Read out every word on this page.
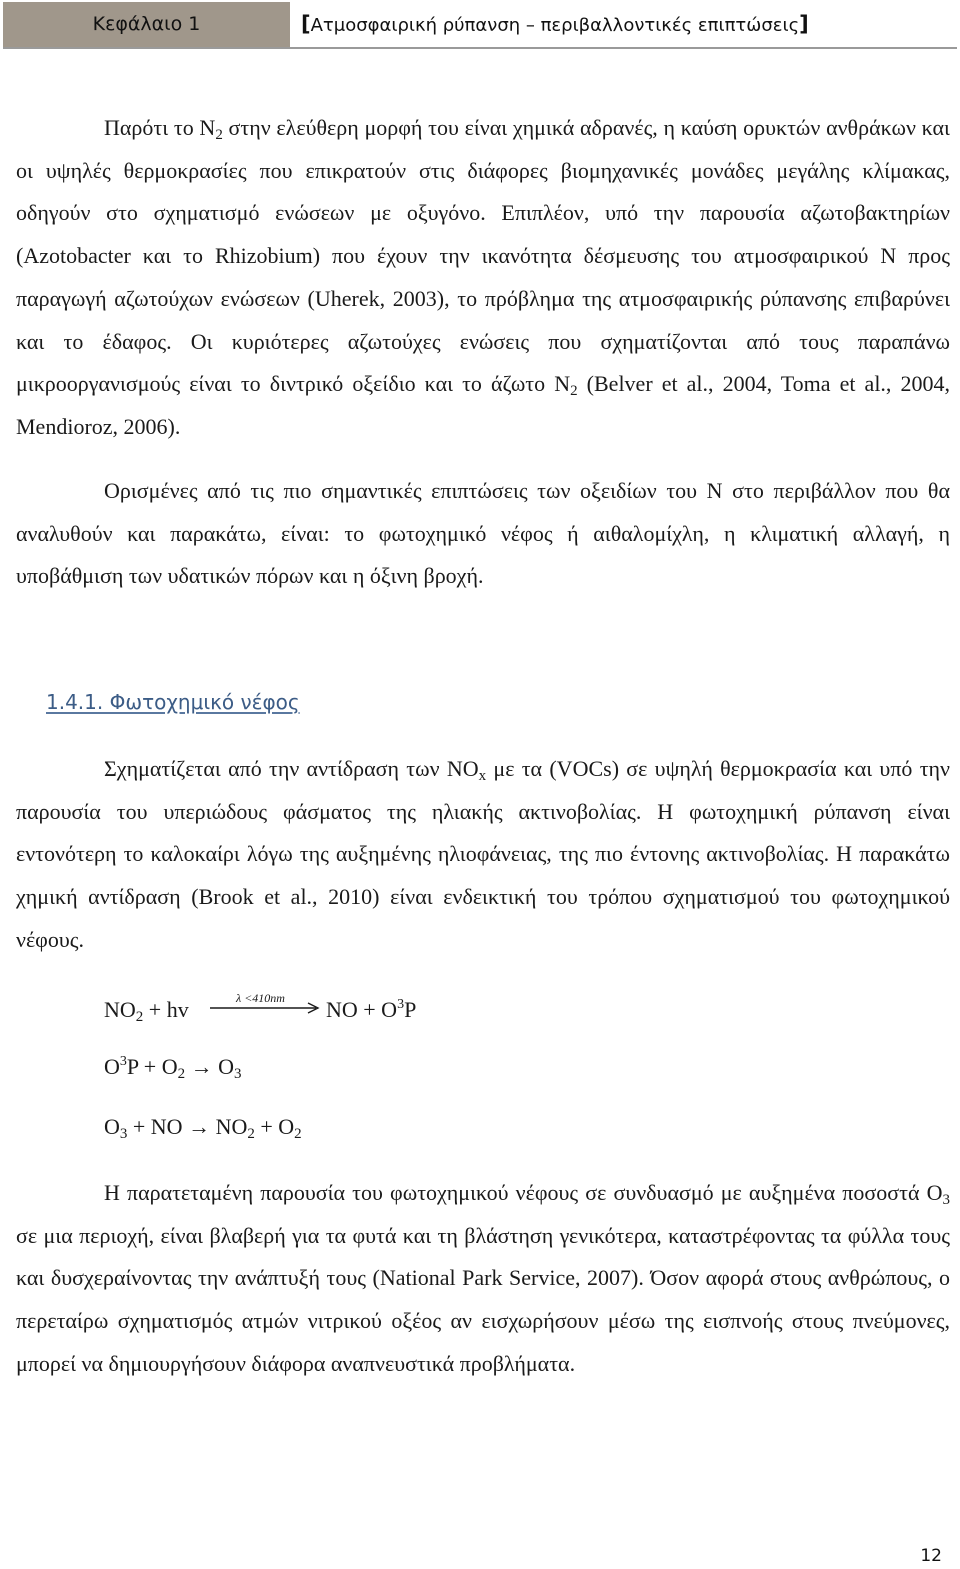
Κεφάλαιο 1	[Ατμοσφαιρική ρύπανση – περιβαλλοντικές επιπτώσεις]
Παρότι το $N_2$ στην ελεύθερη μορφή του είναι χημικά αδρανές, η καύση ορυκτών ανθράκων και οι υψηλές θερμοκρασίες που επικρατούν στις διάφορες βιομηχανικές μονάδες μεγάλης κλίμακας, οδηγούν στο σχηματισμό ενώσεων με οξυγόνο. Επιπλέον, υπό την παρουσία αζωτοβακτηρίων (Azotobacter και το Rhizobium) που έχουν την ικανότητα δέσμευσης του ατμοσφαιρικού N προς παραγωγή αζωτούχων ενώσεων (Uherek, 2003), το πρόβλημα της ατμοσφαιρικής ρύπανσης επιβαρύνει και το έδαφος. Οι κυριότερες αζωτούχες ενώσεις που σχηματίζονται από τους παραπάνω μικροοργανισμούς είναι το διντρικό οξείδιο και το άζωτο $N_2$ (Belver et al., 2004, Toma et al., 2004, Mendioroz, 2006).
Ορισμένες από τις πιο σημαντικές επιπτώσεις των οξειδίων του N στο περιβάλλον που θα αναλυθούν και παρακάτω, είναι: το φωτοχημικό νέφος ή αιθαλομίχλη, η κλιματική αλλαγή, η υποβάθμιση των υδατικών πόρων και η όξινη βροχή.
1.4.1. Φωτοχημικό νέφος
Σχηματίζεται από την αντίδραση των $NO_x$ με τα (VOCs) σε υψηλή θερμοκρασία και υπό την παρουσία του υπεριώδους φάσματος της ηλιακής ακτινοβολίας. Η φωτοχημική ρύπανση είναι εντονότερη το καλοκαίρι λόγω της αυξημένης ηλιοφάνειας, της πιο έντονης ακτινοβολίας. Η παρακάτω χημική αντίδραση (Brook et al., 2010) είναι ενδεικτική του τρόπου σχηματισμού του φωτοχημικού νέφους.
$NO_2$ + hv	λ <410nm NO + $O^3P$
$O^3P + O_2 \to O_3$
$O_3$ + NO → $NO_2 + O_2$
Η παρατεταμένη παρουσία του φωτοχημικού νέφους σε συνδυασμό με αυξημένα ποσοστά $O_3$ σε μια περιοχή, είναι βλαβερή για τα φυτά και τη βλάστηση γενικότερα, καταστρέφοντας τα φύλλα τους και δυσχεραίνοντας την ανάπτυξή τους (National Park Service, 2007). Όσον αφορά στους ανθρώπους, ο περεταίρω σχηματισμός ατμών νιτρικού οξέος αν εισχωρήσουν μέσω της εισπνοής στους πνεύμονες, μπορεί να δημιουργήσουν διάφορα αναπνευστικά προβλήματα.
12
